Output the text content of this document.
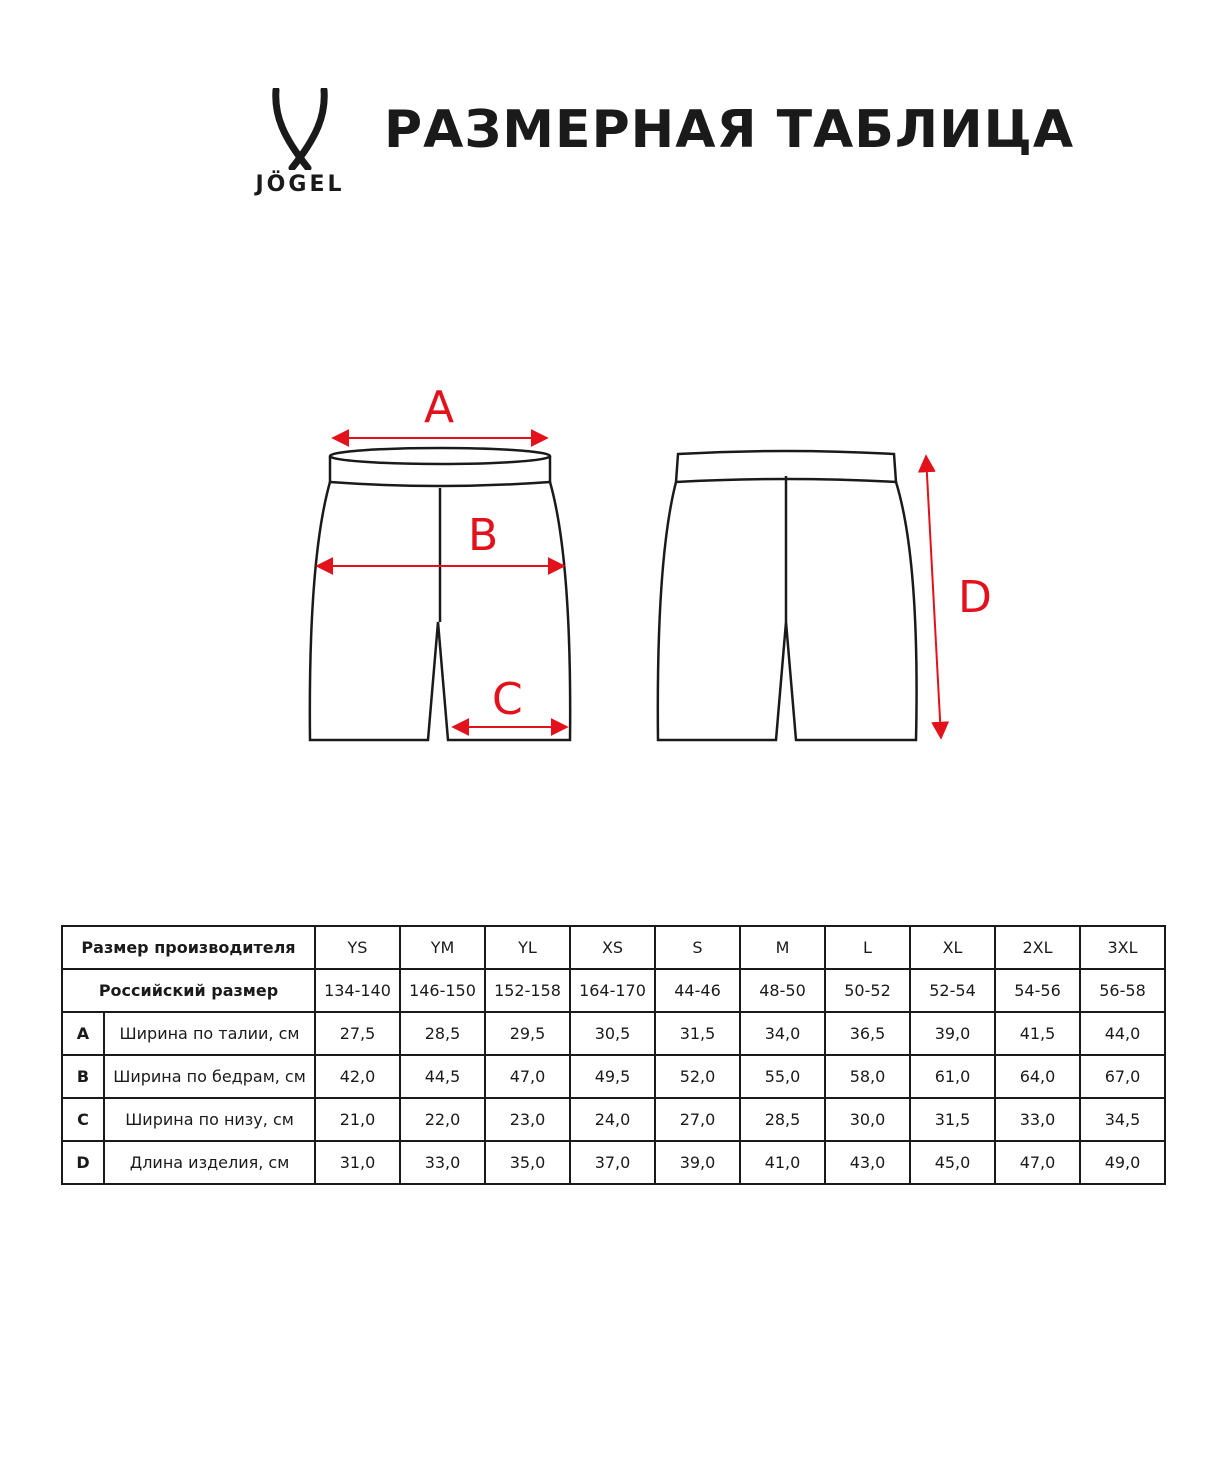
JÖGEL
РАЗМЕРНАЯ ТАБЛИЦА
A
B
C
D
Размер производителя		YS	YM	YL	XS	S	M	L	XL	2XL	3XL
Российский размер		134-140	146-150	152-158	164-170	44-46	48-50	50-52	52-54	54-56	56-58
A	Ширина по талии, см	27,5	28,5	29,5	30,5	31,5	34,0	36,5	39,0	41,5	44,0
B	Ширина по бедрам, см	42,0	44,5	47,0	49,5	52,0	55,0	58,0	61,0	64,0	67,0
C	Ширина по низу, см	21,0	22,0	23,0	24,0	27,0	28,5	30,0	31,5	33,0	34,5
D	Длина изделия, см	31,0	33,0	35,0	37,0	39,0	41,0	43,0	45,0	47,0	49,0
